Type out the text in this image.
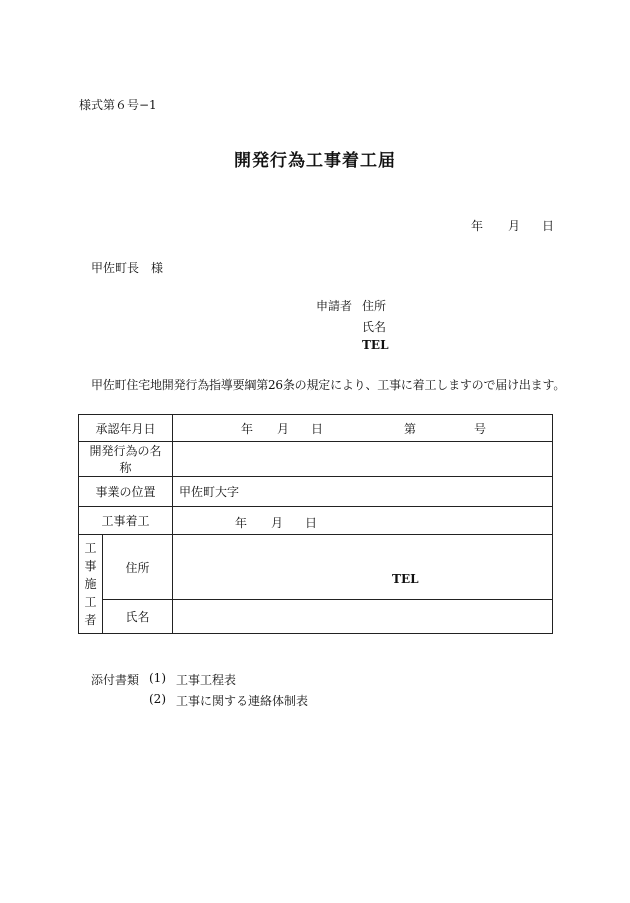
様式第６号−1
開発行為工事着工届
年 月 日
甲佐町長　様
申請者 住所
氏名
TEL
甲佐町住宅地開発行為指導要綱第26条の規定により、工事に着工しますので届け出ます。
承認年月日		年 月 日 第 号

開発行為の名称		
事業の位置		甲佐町大字
工事着工		年 月 日

工
事
施
工
者	住所	TEL

	氏名	
添付書類 (1) 工事工程表
(2) 工事に関する連絡体制表
